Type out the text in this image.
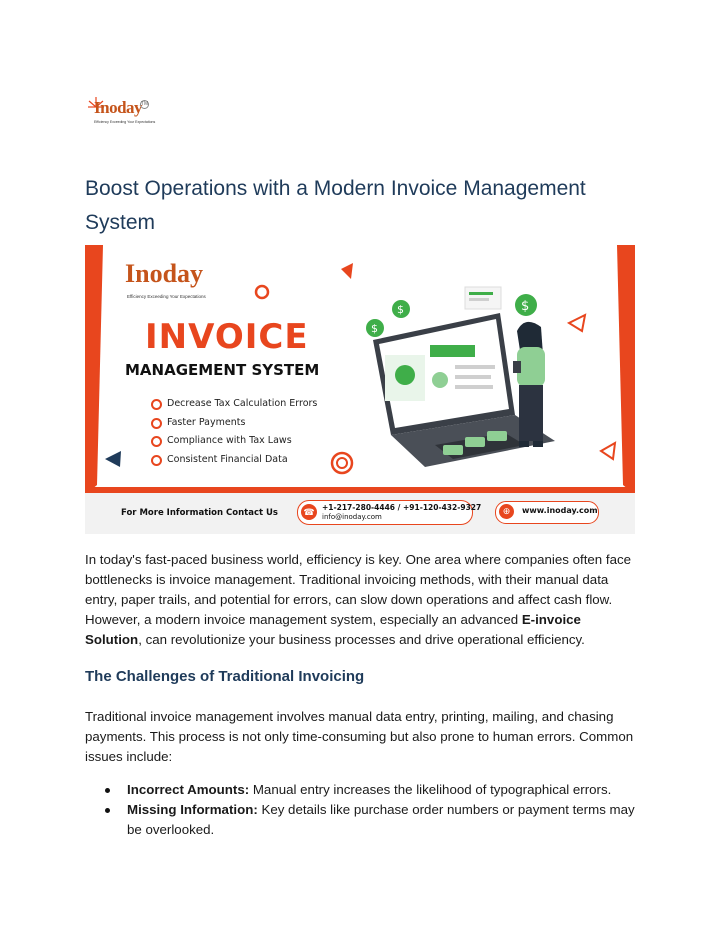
Inoday
TM
Efficiency Exceeding Your Expectations
Boost Operations with a Modern Invoice Management System
$
$	$
Inoday
Efficiency Exceeding Your Expectations
INVOICE
MANAGEMENT SYSTEM
Decrease Tax Calculation Errors
Faster Payments
Compliance with Tax Laws
Consistent Financial Data
For More Information Contact Us	☎ +1-217-280-4446 / +91-120-432-9327
info@inoday.com
⊕	www.inoday.com

In today's fast-paced business world, efficiency is key. One area where companies often face bottlenecks is invoice management. Traditional invoicing methods, with their manual data entry, paper trails, and potential for errors, can slow down operations and affect cash flow. However, a modern invoice management system, especially an advanced E-invoice Solution, can revolutionize your business processes and drive operational efficiency.

The Challenges of Traditional Invoicing

Traditional invoice management involves manual data entry, printing, mailing, and chasing payments. This process is not only time-consuming but also prone to human errors. Common issues include:

Incorrect Amounts: Manual entry increases the likelihood of typographical errors.
Missing Information: Key details like purchase order numbers or payment terms may be overlooked.
